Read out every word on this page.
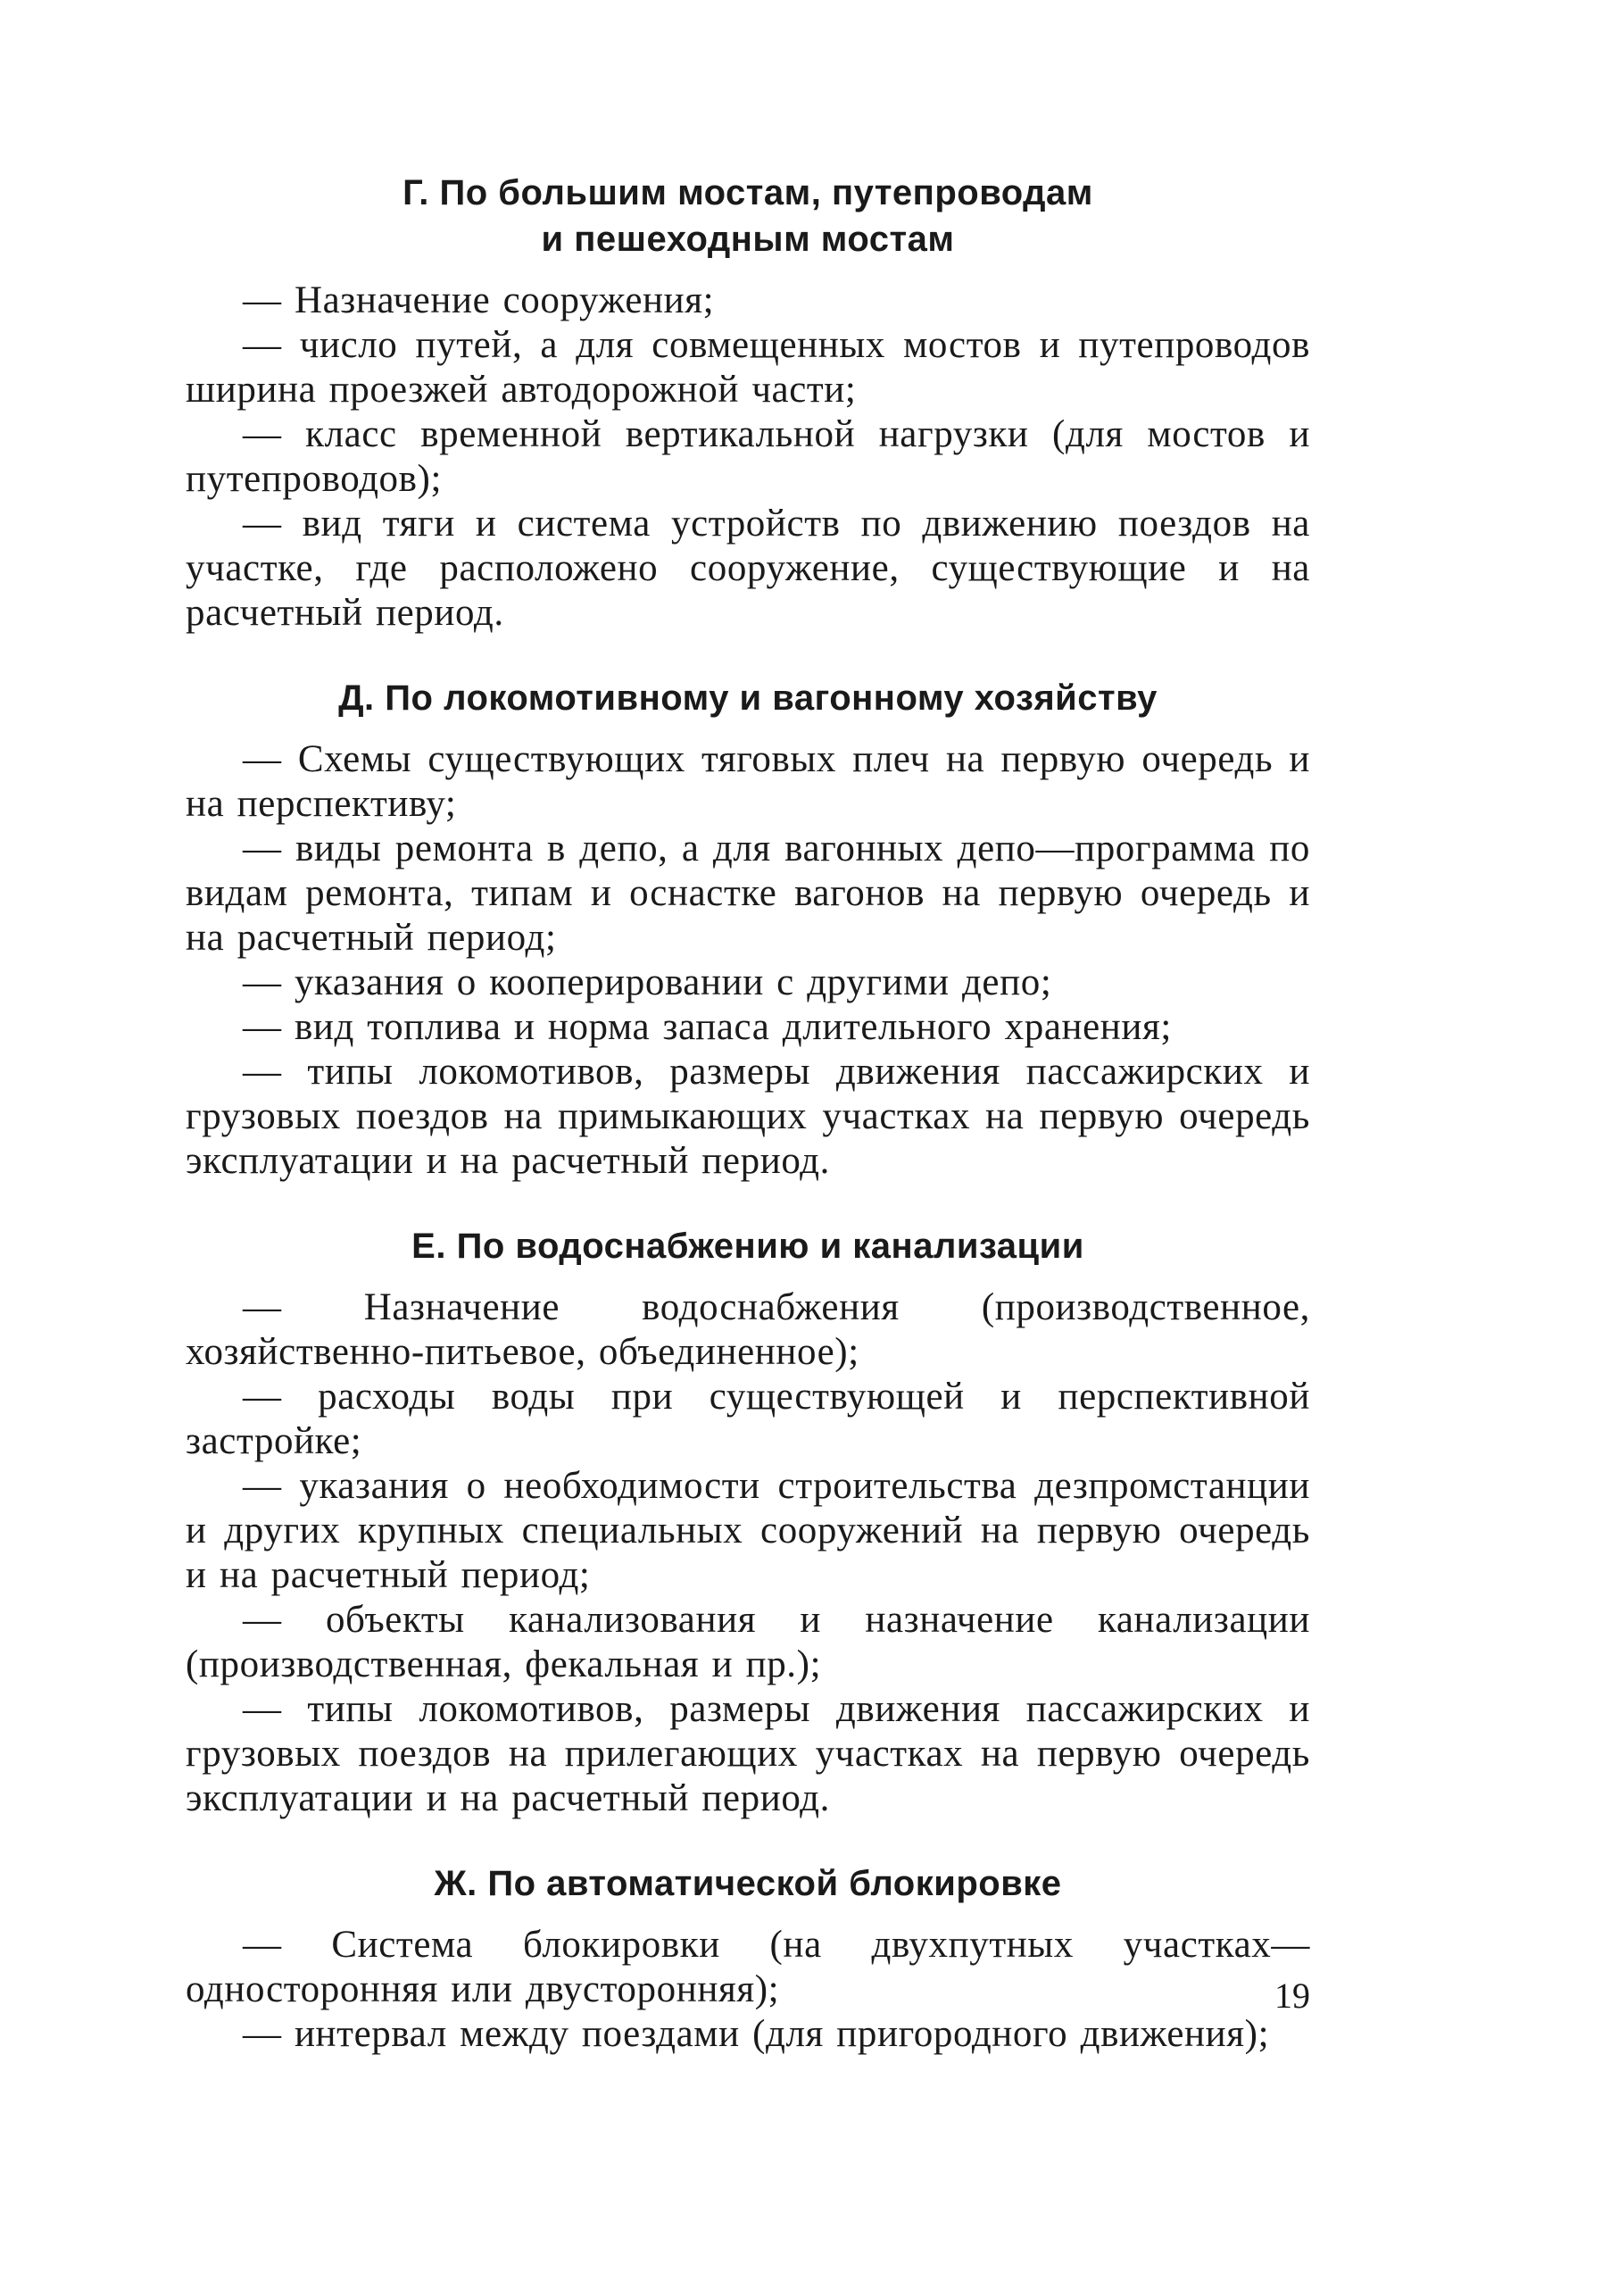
Г. По большим мостам, путепроводам
и пешеходным мостам

— Назначение сооружения;

— число путей, а для совмещенных мостов и путепроводов ширина проезжей автодорожной части;

— класс временной вертикальной нагрузки (для мостов и путепроводов);

— вид тяги и система устройств по движению поездов на участке, где расположено сооружение, существующие и на расчетный период.

Д. По локомотивному и вагонному хозяйству

— Схемы существующих тяговых плеч на первую очередь и на перспективу;

— виды ремонта в депо, а для вагонных депо—программа по видам ремонта, типам и оснастке вагонов на первую очередь и на расчетный период;

— указания о кооперировании с другими депо;

— вид топлива и норма запаса длительного хранения;

— типы локомотивов, размеры движения пассажирских и грузовых поездов на примыкающих участках на первую очередь эксплуатации и на расчетный период.

Е. По водоснабжению и канализации

— Назначение водоснабжения (производственное, хозяйственно-питьевое, объединенное);

— расходы воды при существующей и перспективной застройке;

— указания о необходимости строительства дезпромстанции и других крупных специальных сооружений на первую очередь и на расчетный период;

— объекты канализования и назначение канализации (производственная, фекальная и пр.);

— типы локомотивов, размеры движения пассажирских и грузовых поездов на прилегающих участках на первую очередь эксплуатации и на расчетный период.

Ж. По автоматической блокировке

— Система блокировки (на двухпутных участках—односторонняя или двусторонняя);

— интервал между поездами (для пригородного движения);

19
